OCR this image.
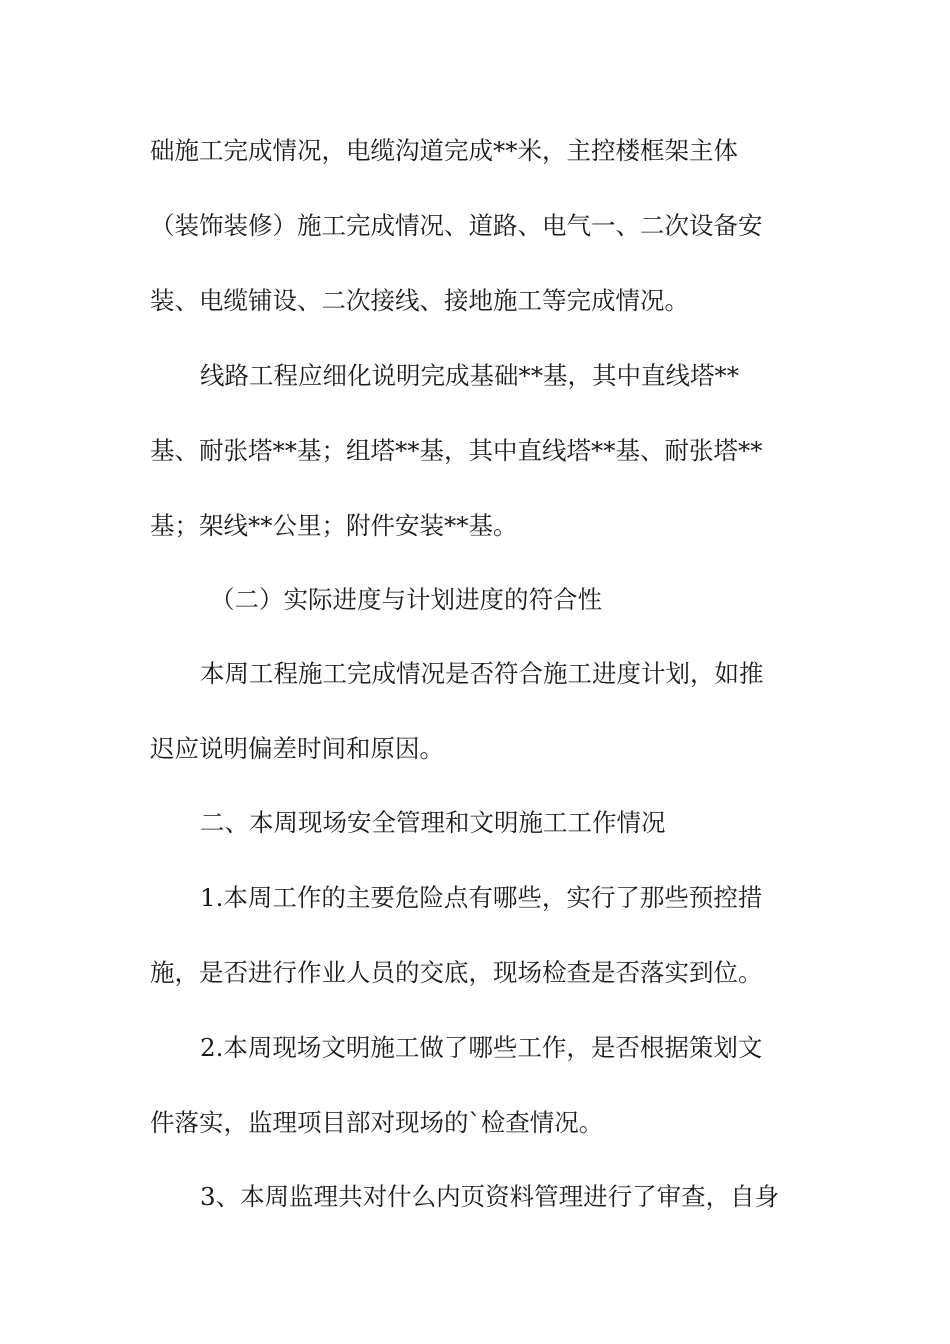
础施工完成情况，电缆沟道完成**米，主控楼框架主体

（装饰装修）施工完成情况、道路、电气一、二次设备安

装、电缆铺设、二次接线、接地施工等完成情况。

线路工程应细化说明完成基础**基，其中直线塔**

基、耐张塔**基；组塔**基，其中直线塔**基、耐张塔**

基；架线**公里；附件安装**基。

（二）实际进度与计划进度的符合性

本周工程施工完成情况是否符合施工进度计划，如推

迟应说明偏差时间和原因。

二、本周现场安全管理和文明施工工作情况

1.本周工作的主要危险点有哪些，实行了那些预控措

施，是否进行作业人员的交底，现场检查是否落实到位。

2.本周现场文明施工做了哪些工作，是否根据策划文

件落实，监理项目部对现场的`检查情况。

3、本周监理共对什么内页资料管理进行了审查，自身
